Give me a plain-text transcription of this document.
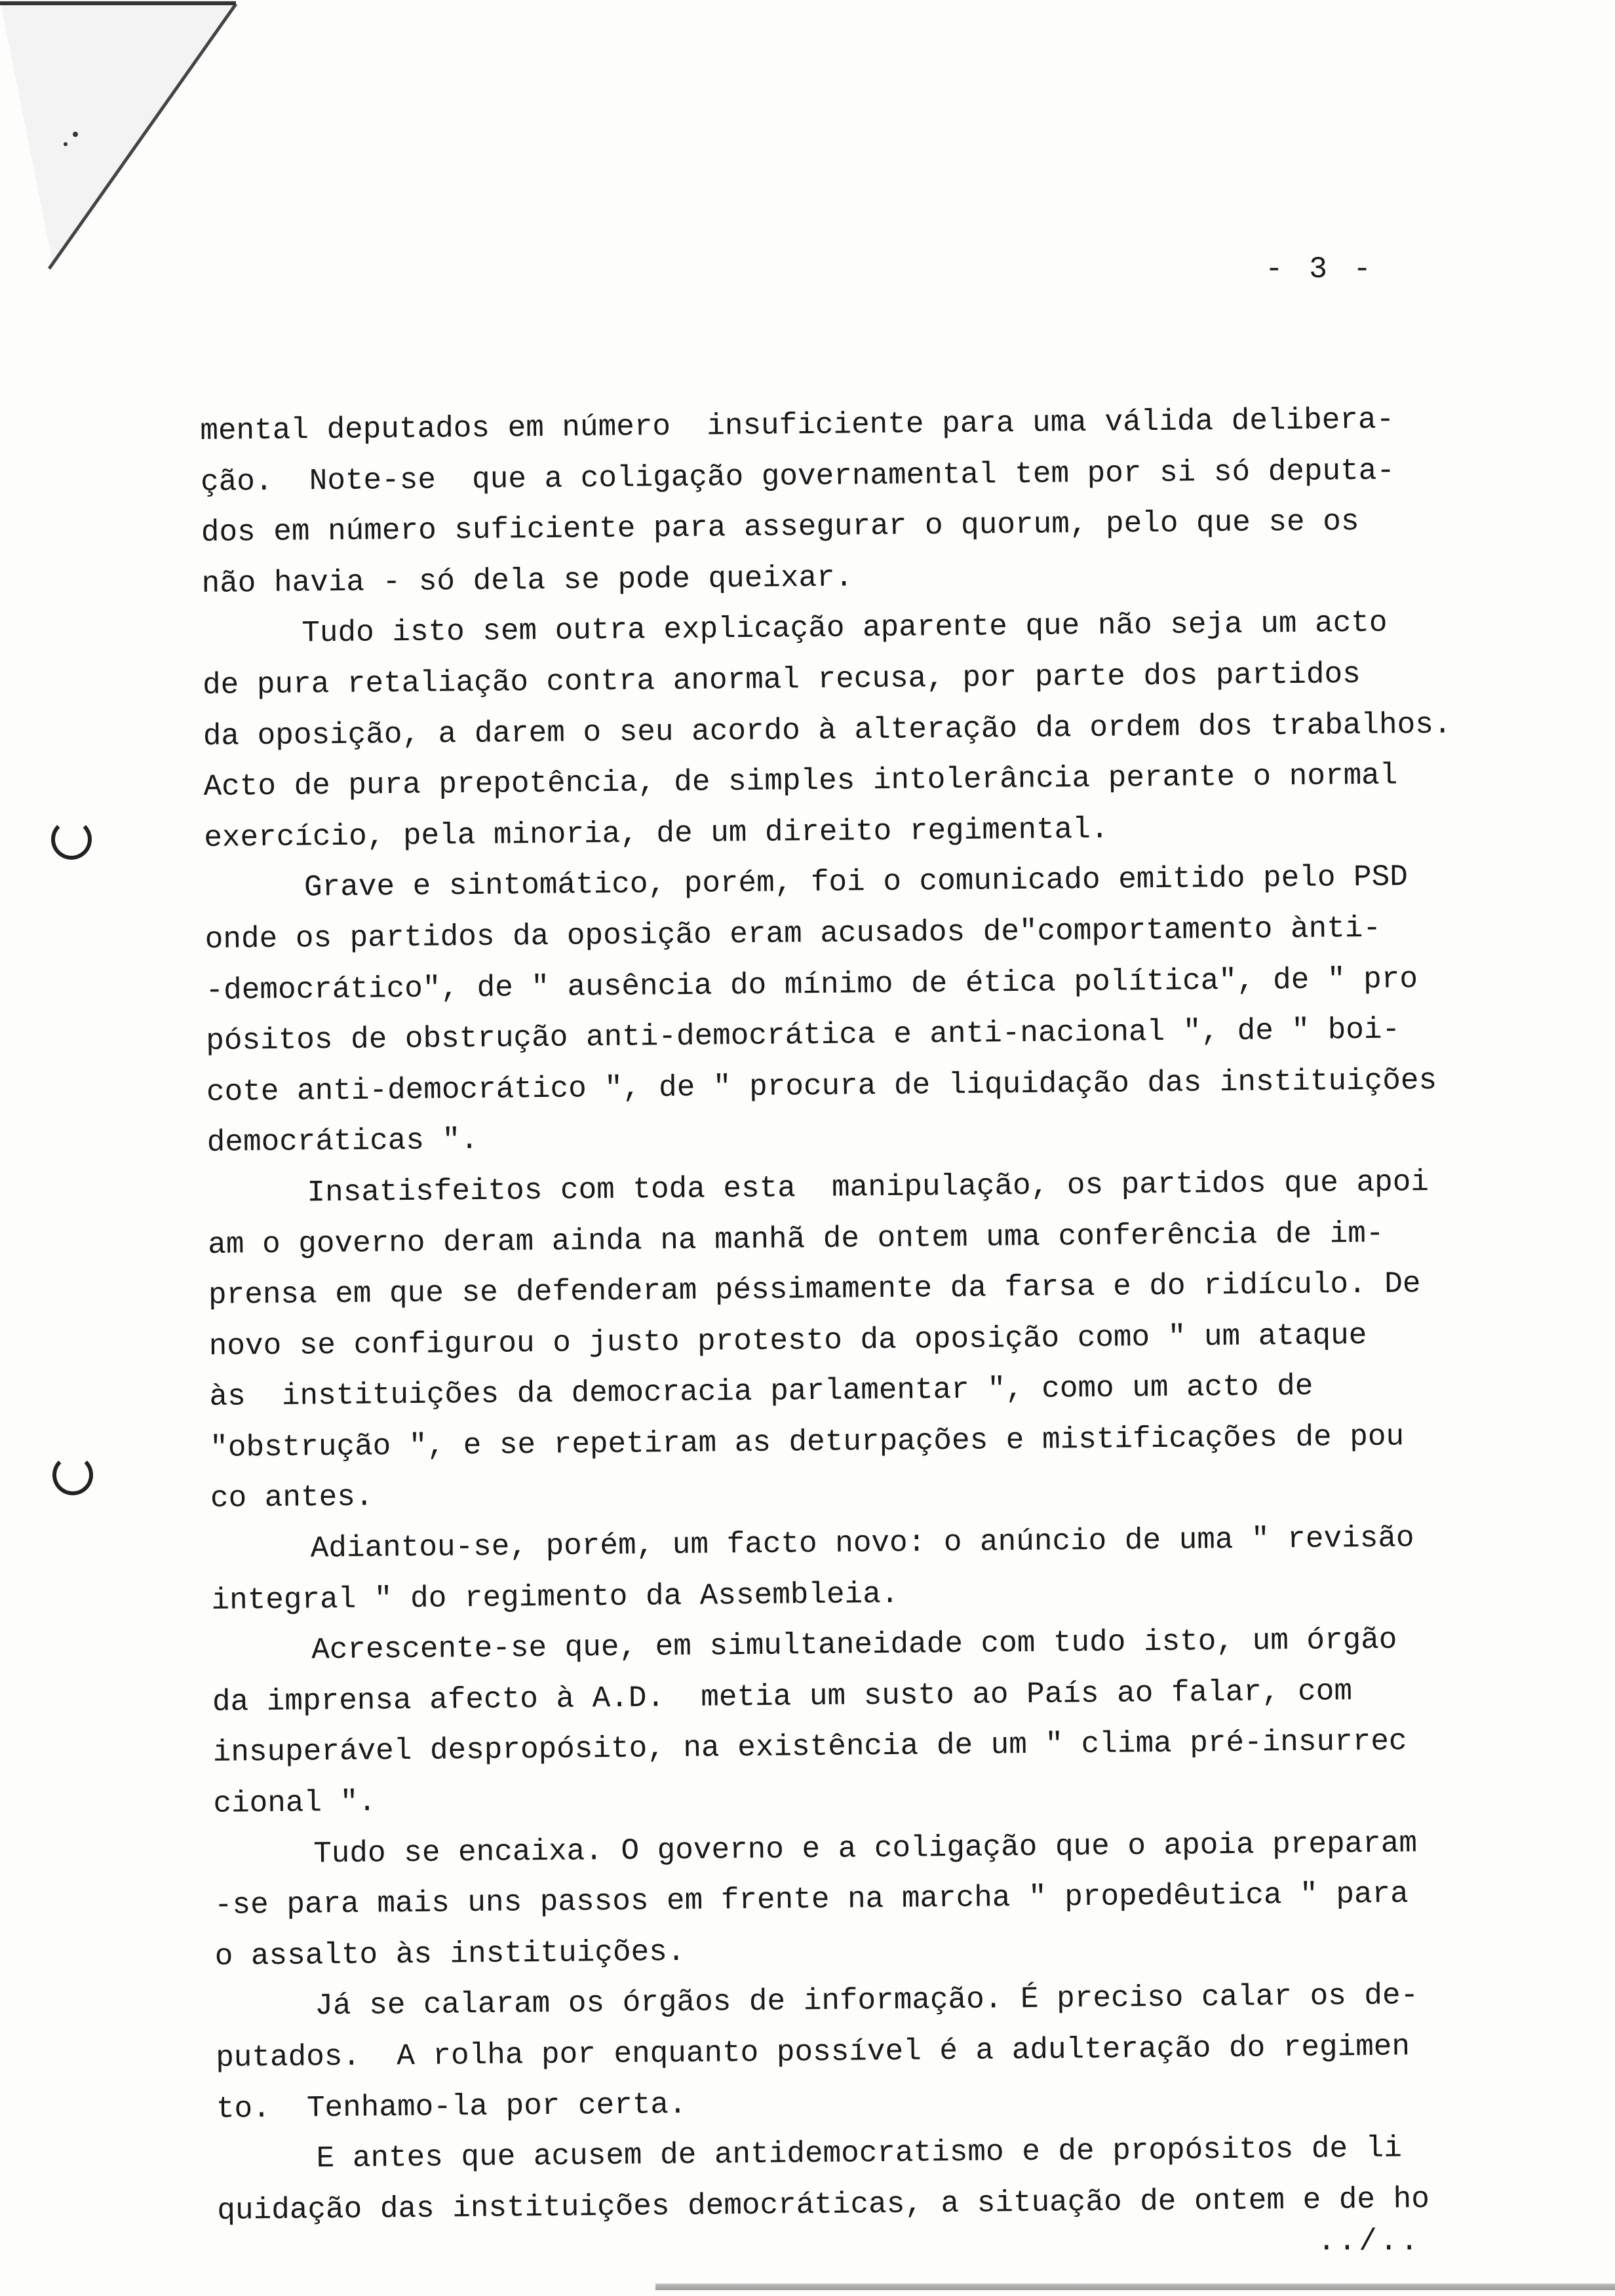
- 3 -
mental deputados em número  insuficiente para uma válida delibera-
ção.  Note-se  que a coligação governamental tem por si só deputa-
dos em número suficiente para assegurar o quorum, pelo que se os
não havia - só dela se pode queixar.
Tudo isto sem outra explicação aparente que não seja um acto
de pura retaliação contra anormal recusa, por parte dos partidos
da oposição, a darem o seu acordo à alteração da ordem dos trabalhos.
Acto de pura prepotência, de simples intolerância perante o normal
exercício, pela minoria, de um direito regimental.
Grave e sintomático, porém, foi o comunicado emitido pelo PSD
onde os partidos da oposição eram acusados de"comportamento ànti-
-democrático", de " ausência do mínimo de ética política", de " pro
pósitos de obstrução anti-democrática e anti-nacional ", de " boi-
cote anti-democrático ", de " procura de liquidação das instituições
democráticas ".
Insatisfeitos com toda esta  manipulação, os partidos que apoi
am o governo deram ainda na manhã de ontem uma conferência de im-
prensa em que se defenderam péssimamente da farsa e do ridículo. De
novo se configurou o justo protesto da oposição como " um ataque
às  instituições da democracia parlamentar ", como um acto de
"obstrução ", e se repetiram as deturpações e mistificações de pou
co antes.
Adiantou-se, porém, um facto novo: o anúncio de uma " revisão
integral " do regimento da Assembleia.
Acrescente-se que, em simultaneidade com tudo isto, um órgão
da imprensa afecto à A.D.  metia um susto ao País ao falar, com
insuperável despropósito, na existência de um " clima pré-insurrec
cional ".
Tudo se encaixa. O governo e a coligação que o apoia preparam
-se para mais uns passos em frente na marcha " propedêutica " para
o assalto às instituições.
Já se calaram os órgãos de informação. É preciso calar os de-
putados.  A rolha por enquanto possível é a adulteração do regimen
to.  Tenhamo-la por certa.
E antes que acusem de antidemocratismo e de propósitos de li
quidação das instituições democráticas, a situação de ontem e de ho
../..
